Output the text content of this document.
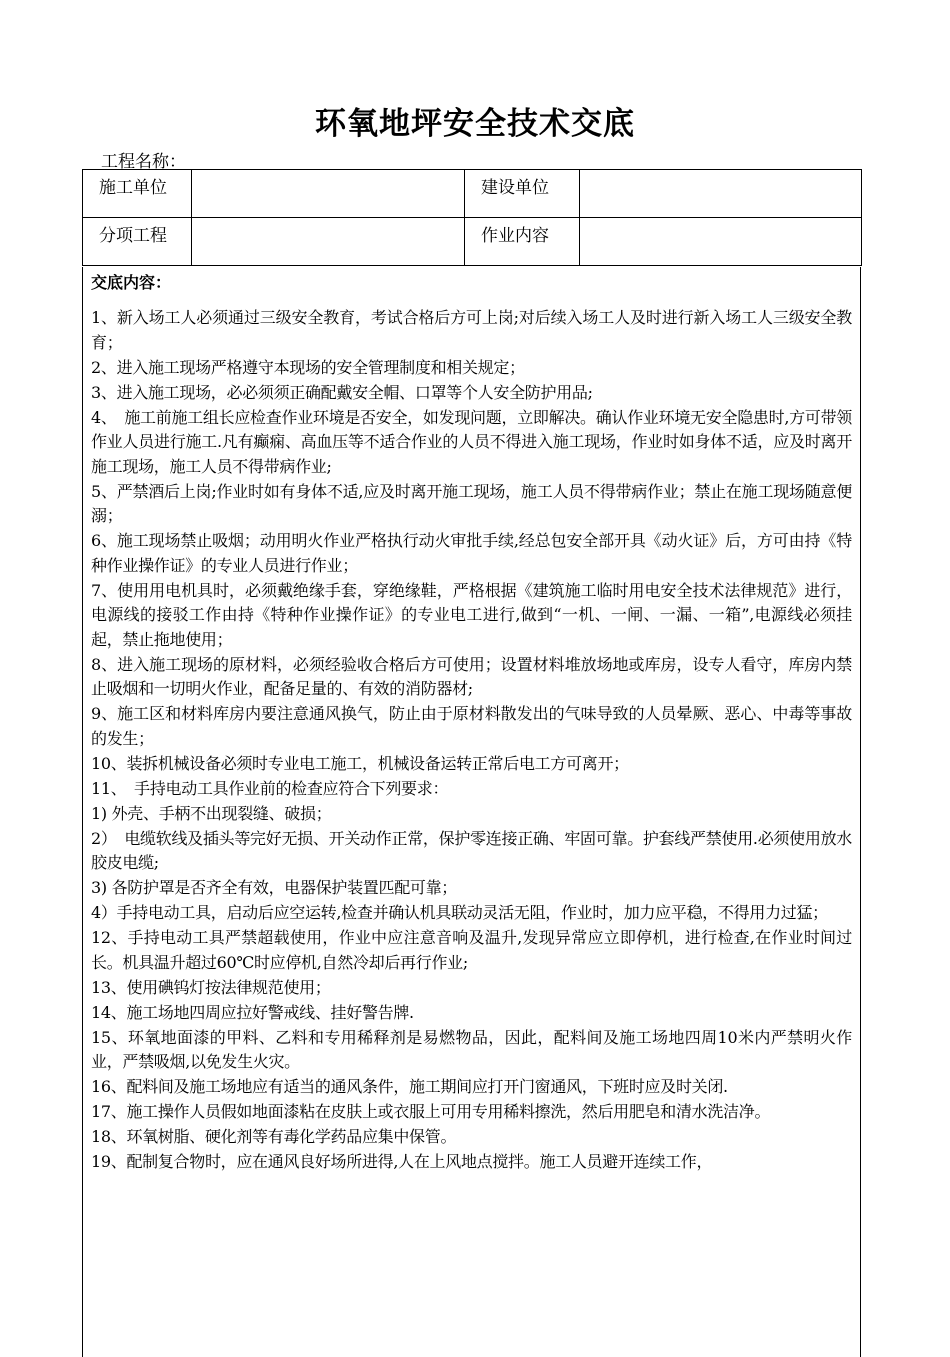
环氧地坪安全技术交底
工程名称：
施工单位		建设单位	
分项工程		作业内容	
交底内容：
1、新入场工人必须通过三级安全教育，考试合格后方可上岗;对后续入场工人及时进行新入场工人三级安全教育；
2、进入施工现场严格遵守本现场的安全管理制度和相关规定；
3、进入施工现场，必必须须正确配戴安全帽、口罩等个人安全防护用品;
4、　施工前施工组长应检查作业环境是否安全，如发现问题，立即解决。确认作业环境无安全隐患时,方可带领作业人员进行施工.凡有癫痫、高血压等不适合作业的人员不得进入施工现场，作业时如身体不适，应及时离开施工现场，施工人员不得带病作业;
5、严禁酒后上岗;作业时如有身体不适,应及时离开施工现场，施工人员不得带病作业；禁止在施工现场随意便溺；
6、施工现场禁止吸烟；动用明火作业严格执行动火审批手续,经总包安全部开具《动火证》后，方可由持《特种作业操作证》的专业人员进行作业；
7、使用用电机具时，必须戴绝缘手套，穿绝缘鞋，严格根据《建筑施工临时用电安全技术法律规范》进行，电源线的接驳工作由持《特种作业操作证》的专业电工进行,做到“一机、一闸、一漏、一箱”,电源线必须挂起，禁止拖地使用；
8、进入施工现场的原材料，必须经验收合格后方可使用；设置材料堆放场地或库房，设专人看守，库房内禁止吸烟和一切明火作业，配备足量的、有效的消防器材;
9、施工区和材料库房内要注意通风换气，防止由于原材料散发出的气味导致的人员晕厥、恶心、中毒等事故的发生；
10、装拆机械设备必须时专业电工施工，机械设备运转正常后电工方可离开；
11、　手持电动工具作业前的检查应符合下列要求：
1) 外壳、手柄不出现裂缝、破损；
2）　电缆软线及插头等完好无损、开关动作正常，保护零连接正确、牢固可靠。护套线严禁使用.必须使用放水胶皮电缆;
3) 各防护罩是否齐全有效，电器保护装置匹配可靠；
4）手持电动工具，启动后应空运转,检查并确认机具联动灵活无阻，作业时，加力应平稳，不得用力过猛；
12、手持电动工具严禁超载使用，作业中应注意音响及温升,发现异常应立即停机，进行检查,在作业时间过长。机具温升超过60℃时应停机,自然冷却后再行作业;
13、使用碘钨灯按法律规范使用；
14、施工场地四周应拉好警戒线、挂好警告牌.
15、环氧地面漆的甲料、乙料和专用稀释剂是易燃物品，因此，配料间及施工场地四周10米内严禁明火作业，严禁吸烟,以免发生火灾。
16、配料间及施工场地应有适当的通风条件，施工期间应打开门窗通风，下班时应及时关闭.
17、施工操作人员假如地面漆粘在皮肤上或衣服上可用专用稀料擦洗，然后用肥皂和清水洗洁净。
18、环氧树脂、硬化剂等有毒化学药品应集中保管。
19、配制复合物时，应在通风良好场所进得,人在上风地点搅拌。施工人员避开连续工作，
